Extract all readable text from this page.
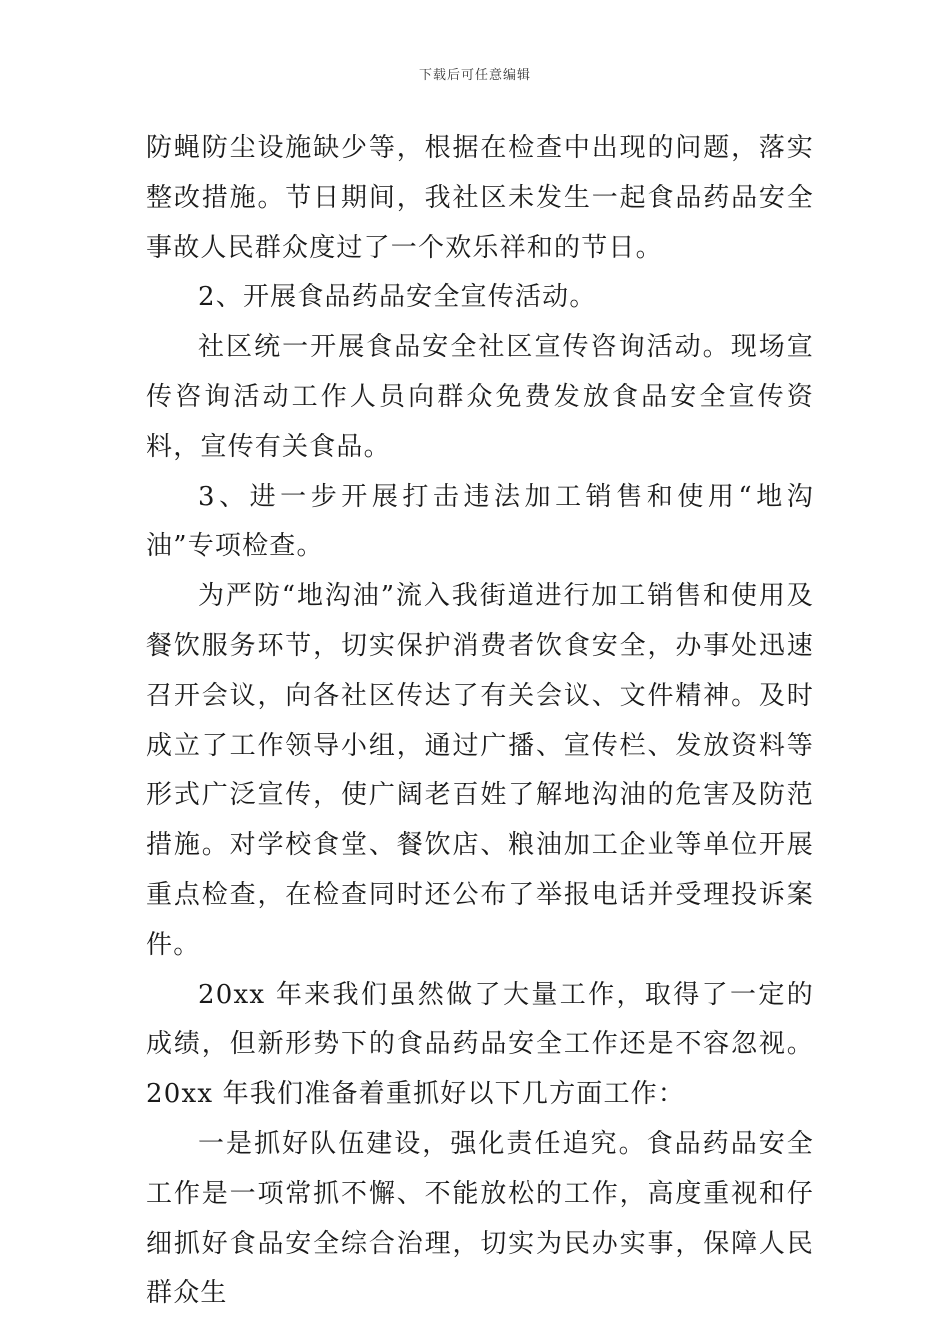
下载后可任意编辑

防蝇防尘设施缺少等，根据在检查中出现的问题，落实整改措施。节日期间，我社区未发生一起食品药品安全事故人民群众度过了一个欢乐祥和的节日。

2、开展食品药品安全宣传活动。

社区统一开展食品安全社区宣传咨询活动。现场宣传咨询活动工作人员向群众免费发放食品安全宣传资料，宣传有关食品。

3、进一步开展打击违法加工销售和使用“地沟油”专项检查。

为严防“地沟油”流入我街道进行加工销售和使用及餐饮服务环节，切实保护消费者饮食安全，办事处迅速召开会议，向各社区传达了有关会议、文件精神。及时成立了工作领导小组，通过广播、宣传栏、发放资料等形式广泛宣传，使广阔老百姓了解地沟油的危害及防范措施。对学校食堂、餐饮店、粮油加工企业等单位开展重点检查，在检查同时还公布了举报电话并受理投诉案件。

20xx 年来我们虽然做了大量工作，取得了一定的成绩，但新形势下的食品药品安全工作还是不容忽视。20xx 年我们准备着重抓好以下几方面工作：

一是抓好队伍建设，强化责任追究。食品药品安全工作是一项常抓不懈、不能放松的工作，高度重视和仔细抓好食品安全综合治理，切实为民办实事，保障人民群众生
